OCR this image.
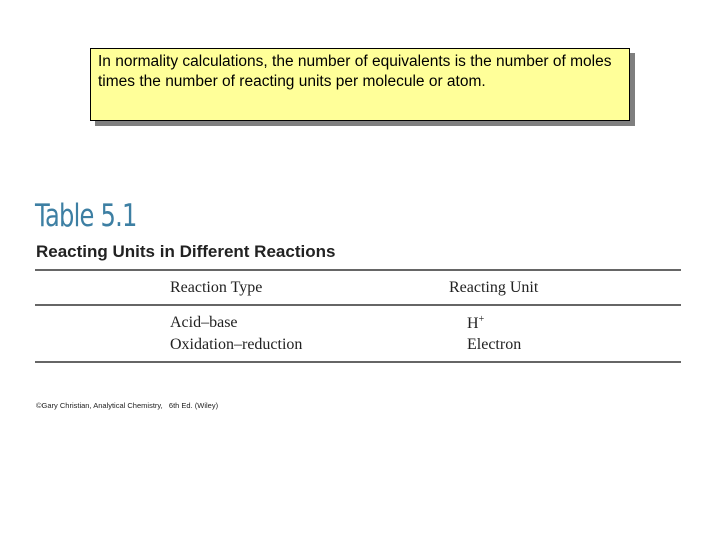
In normality calculations, the number of equivalents is the number of moles times the number of reacting units per molecule or atom.
Table 5.1
Reacting Units in Different Reactions
Reaction Type	Reacting Unit
Acid–base	H+
Oxidation–reduction	Electron
©Gary Christian, Analytical Chemistry,   6th Ed. (Wiley)
